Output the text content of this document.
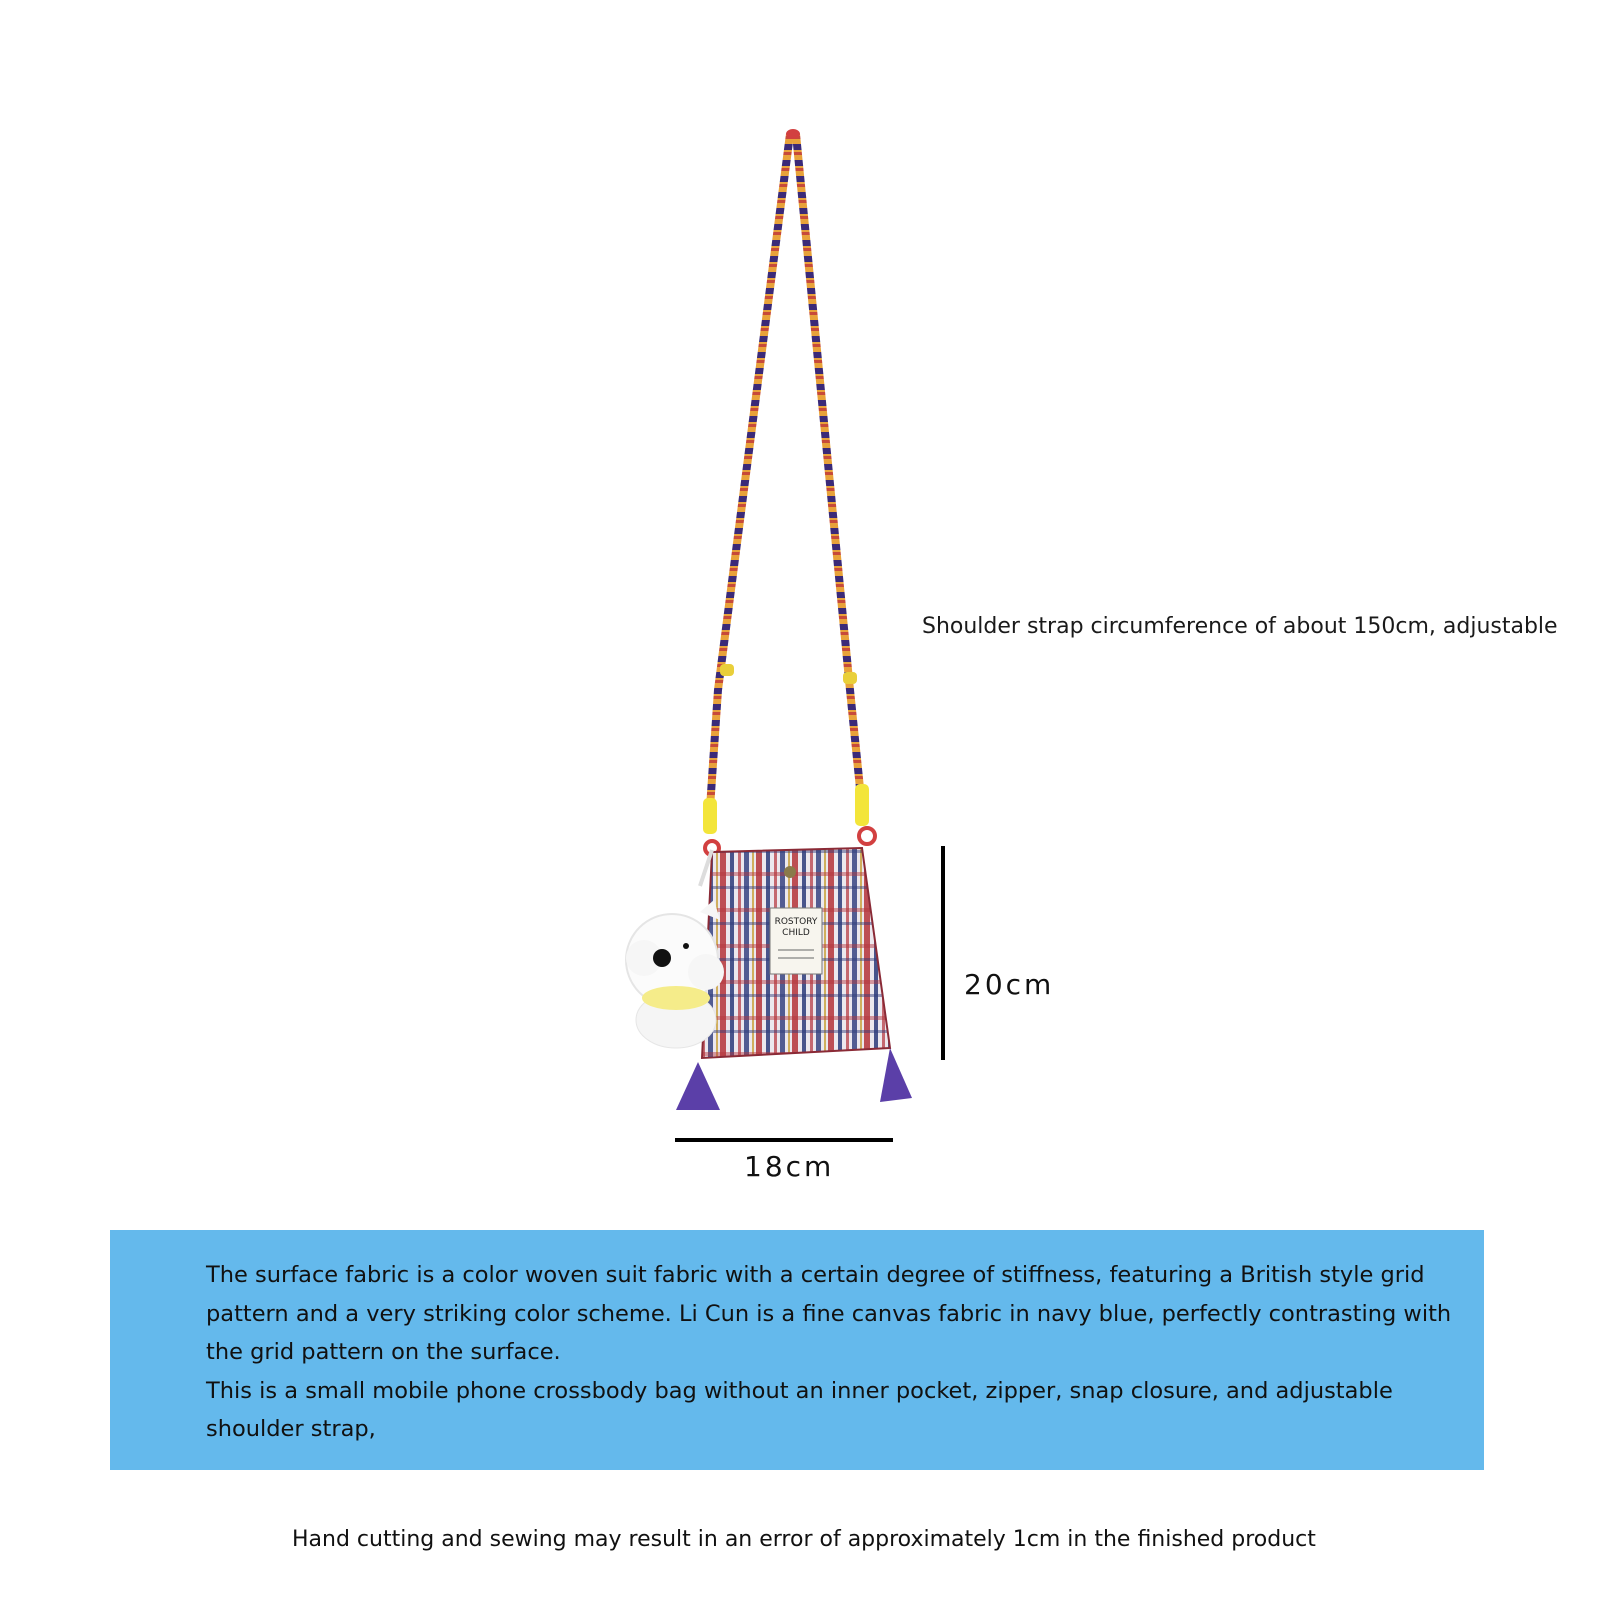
ROSTORY
CHILD
Shoulder strap circumference of about 150cm, adjustable
20cm
18cm
The surface fabric is a color woven suit fabric with a certain degree of stiffness, featuring a British style grid
pattern and a very striking color scheme. Li Cun is a fine canvas fabric in navy blue, perfectly contrasting with
the grid pattern on the surface.
This is a small mobile phone crossbody bag without an inner pocket, zipper, snap closure, and adjustable
shoulder strap,
Hand cutting and sewing may result in an error of approximately 1cm in the finished product
